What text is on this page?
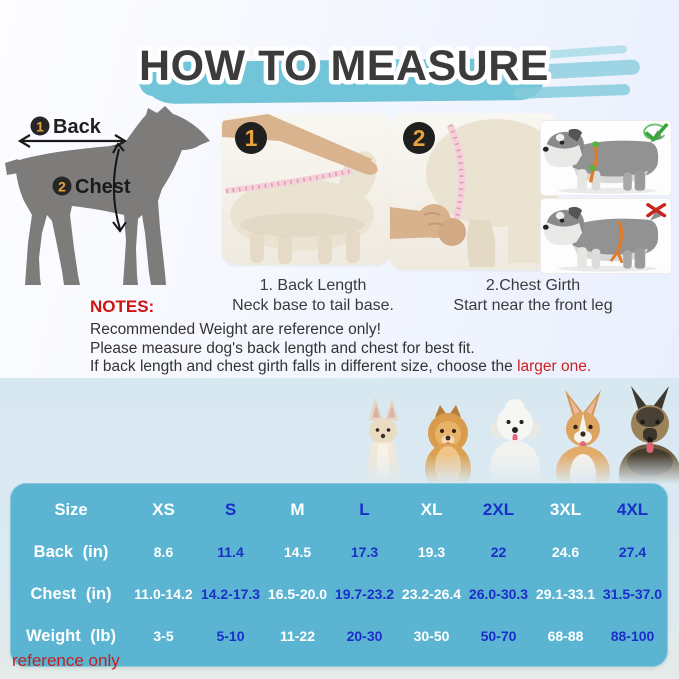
HOW TO MEASURE
1 Back
2 Chest
1	2
1. Back Length
Neck base to tail base.
2.Chest Girth
Start near the front leg
NOTES:
Recommended Weight are reference only!
Please measure dog's back length and chest for best fit.
If back length and chest girth falls in different size, choose the larger one.
Size	XS	S	M	L	XL 2XL 3XL 4XL
Back (in)	8.6	11.4	14.5	17.3	19.3	22	24.6	27.4
Chest (in) 11.0-14.2 14.2-17.3 16.5-20.0 19.7-23.2 23.2-26.4 26.0-30.3 29.1-33.1 31.5-37.0
Weight (lb)	3-5	5-10	11-22 20-30 30-50 50-70 68-88 88-100
reference only
